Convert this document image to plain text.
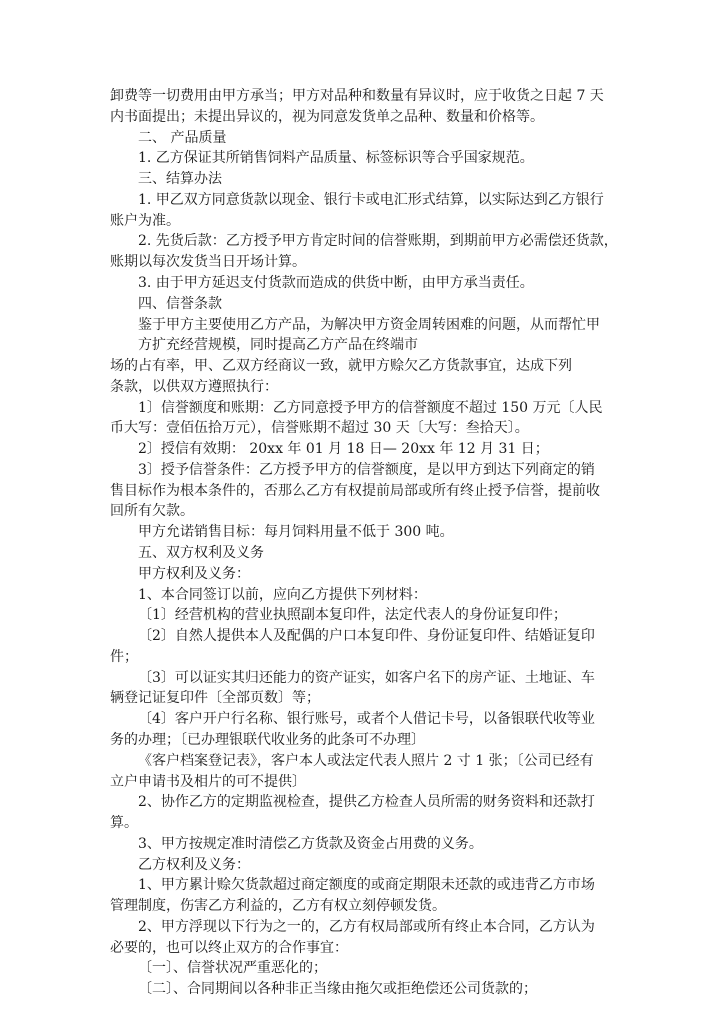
卸费等一切费用由甲方承当；甲方对品种和数量有异议时，应于收货之日起 7 天
内书面提出；未提出异议的，视为同意发货单之品种、数量和价格等。
二、 产品质量
1. 乙方保证其所销售饲料产品质量、标签标识等合乎国家规范。
三、结算办法
1. 甲乙双方同意货款以现金、银行卡或电汇形式结算，以实际达到乙方银行
账户为准。
2. 先货后款：乙方授予甲方肯定时间的信誉账期，到期前甲方必需偿还货款，
账期以每次发货当日开场计算。
3. 由于甲方延迟支付货款而造成的供货中断，由甲方承当责任。
四、信誉条款
鉴于甲方主要使用乙方产品，为解决甲方资金周转困难的问题，从而帮忙甲
方扩充经营规模，同时提高乙方产品在终端市
场的占有率，甲、乙双方经商议一致，就甲方赊欠乙方货款事宜，达成下列
条款，以供双方遵照执行：
1〕信誉额度和账期：乙方同意授予甲方的信誉额度不超过 150 万元〔人民
币大写：壹佰伍拾万元），信誉账期不超过 30 天〔大写：叁拾天〕。
2〕授信有效期： 20xx 年 01 月 18 日— 20xx 年 12 月 31 日；
3〕授予信誉条件：乙方授予甲方的信誉额度，是以甲方到达下列商定的销
售目标作为根本条件的，否那么乙方有权提前局部或所有终止授予信誉，提前收
回所有欠款。
甲方允诺销售目标：每月饲料用量不低于 300 吨。
五、双方权利及义务
甲方权利及义务：
1、本合同签订以前，应向乙方提供下列材料：
〔1〕经营机构的营业执照副本复印件，法定代表人的身份证复印件；
〔2〕自然人提供本人及配偶的户口本复印件、身份证复印件、结婚证复印
件；
〔3〕可以证实其归还能力的资产证实，如客户名下的房产证、土地证、车
辆登记证复印件〔全部页数〕等；
〔4〕客户开户行名称、银行账号，或者个人借记卡号，以备银联代收等业
务的办理；〔已办理银联代收业务的此条可不办理〕
《客户档案登记表》，客户本人或法定代表人照片 2 寸 1 张；〔公司已经有
立户申请书及相片的可不提供〕
2、协作乙方的定期监视检查，提供乙方检查人员所需的财务资料和还款打
算。
3、甲方按规定准时清偿乙方货款及资金占用费的义务。
乙方权利及义务：
1、甲方累计赊欠货款超过商定额度的或商定期限未还款的或违背乙方市场
管理制度，伤害乙方利益的，乙方有权立刻停顿发货。
2、甲方浮现以下行为之一的，乙方有权局部或所有终止本合同，乙方认为
必要的，也可以终止双方的合作事宜：
〔一〕、信誉状况严重恶化的；
〔二〕、合同期间以各种非正当缘由拖欠或拒绝偿还公司货款的；
